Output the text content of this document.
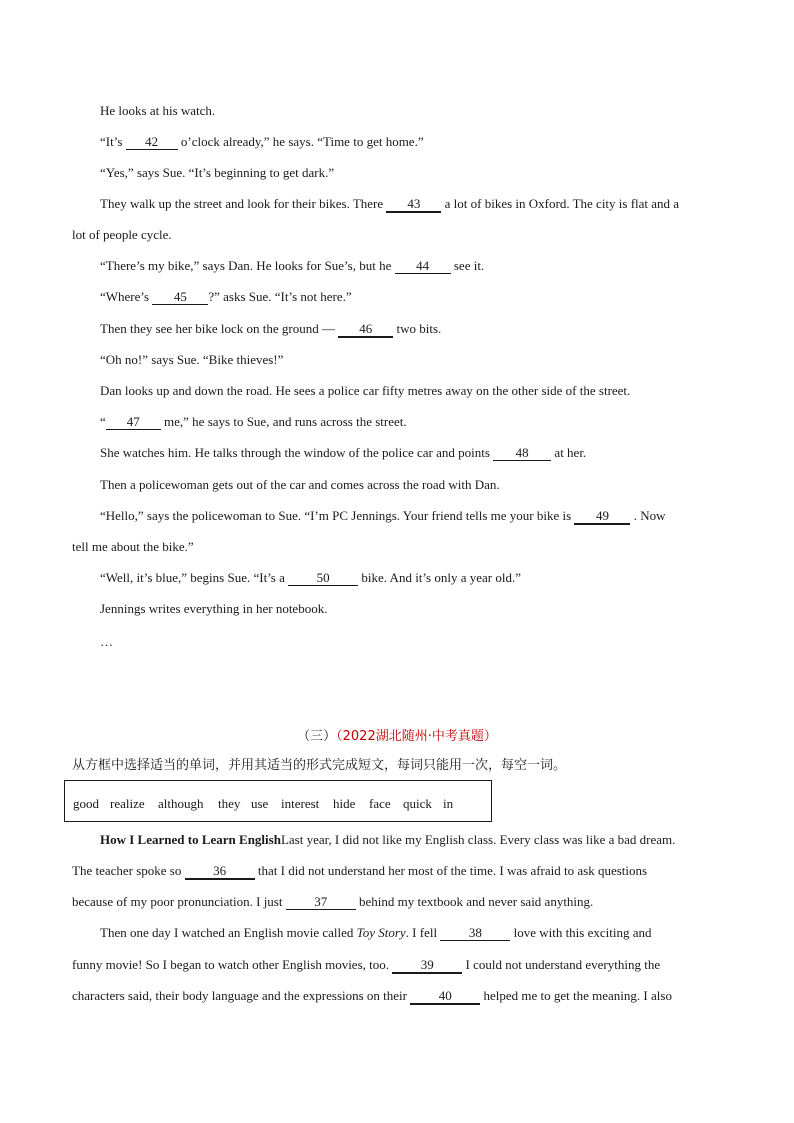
He looks at his watch.
“It’s 42 o’clock already,” he says. “Time to get home.”
“Yes,” says Sue. “It’s beginning to get dark.”
They walk up the street and look for their bikes. There 43 a lot of bikes in Oxford. The city is flat and a
lot of people cycle.
“There’s my bike,” says Dan. He looks for Sue’s, but he 44 see it.
“Where’s 45 ?” asks Sue. “It’s not here.”
Then they see her bike lock on the ground — 46 two bits.
“Oh no!” says Sue. “Bike thieves!”
Dan looks up and down the road. He sees a police car fifty metres away on the other side of the street.
“ 47 me,” he says to Sue, and runs across the street.
She watches him. He talks through the window of the police car and points 48 at her.
Then a policewoman gets out of the car and comes across the road with Dan.
“Hello,” says the policewoman to Sue. “I’m PC Jennings. Your friend tells me your bike is 49 . Now
tell me about the bike.”
“Well, it’s blue,” begins Sue. “It’s a 50 bike. And it’s only a year old.”
Jennings writes everything in her notebook.
…
（三）（2022湖北随州·中考真题）
从方框中选择适当的单词，并用其适当的形式完成短文，每词只能用一次，每空一词。
good realize although they use interest hide face quick in
How I Learned to Learn EnglishLast year, I did not like my English class. Every class was like a bad dream.
The teacher spoke so 36 that I did not understand her most of the time. I was afraid to ask questions
because of my poor pronunciation. I just 37 behind my textbook and never said anything.
Then one day I watched an English movie called Toy Story. I fell 38 love with this exciting and
funny movie! So I began to watch other English movies, too. 39 I could not understand everything the
characters said, their body language and the expressions on their 40 helped me to get the meaning. I also
